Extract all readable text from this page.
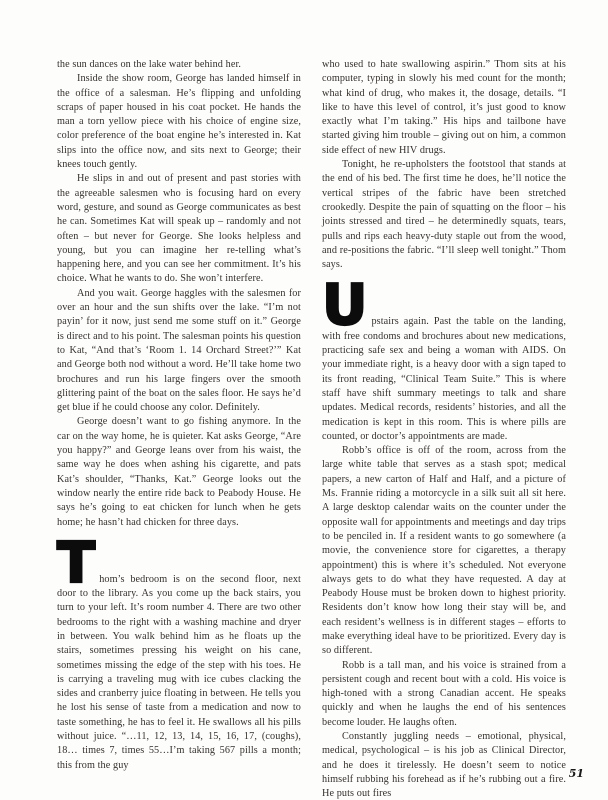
the sun dances on the lake water behind her.

Inside the show room, George has landed himself in the office of a salesman. He’s flipping and unfolding scraps of paper housed in his coat pocket. He hands the man a torn yellow piece with his choice of engine size, color preference of the boat engine he’s interested in. Kat slips into the office now, and sits next to George; their knees touch gently.

He slips in and out of present and past stories with the agreeable salesmen who is focusing hard on every word, gesture, and sound as George communicates as best he can. Sometimes Kat will speak up – randomly and not often – but never for George. She looks helpless and young, but you can imagine her re-telling what’s happening here, and you can see her commitment. It’s his choice. What he wants to do. She won’t interfere.

And you wait. George haggles with the salesmen for over an hour and the sun shifts over the lake. “I’m not payin’ for it now, just send me some stuff on it.” George is direct and to his point. The salesman points his question to Kat, “And that’s ‘Room 1. 14 Orchard Street?’” Kat and George both nod without a word. He’ll take home two brochures and run his large fingers over the smooth glittering paint of the boat on the sales floor. He says he’d get blue if he could choose any color. Definitely.

George doesn’t want to go fishing anymore. In the car on the way home, he is quieter. Kat asks George, “Are you happy?” and George leans over from his waist, the same way he does when ashing his cigarette, and pats Kat’s shoulder, “Thanks, Kat.” George looks out the window nearly the entire ride back to Peabody House. He says he’s going to eat chicken for lunch when he gets home; he hasn’t had chicken for three days.

Thom’s bedroom is on the second floor, next door to the library. As you come up the back stairs, you turn to your left. It’s room number 4. There are two other bedrooms to the right with a washing machine and dryer in between. You walk behind him as he floats up the stairs, sometimes pressing his weight on his cane, sometimes missing the edge of the step with his toes. He is carrying a traveling mug with ice cubes clacking the sides and cranberry juice floating in between. He tells you he lost his sense of taste from a medication and now to taste something, he has to feel it. He swallows all his pills without juice. “…11, 12, 13, 14, 15, 16, 17, (coughs), 18… times 7, times 55…I’m taking 567 pills a month; this from the guy

who used to hate swallowing aspirin.” Thom sits at his computer, typing in slowly his med count for the month; what kind of drug, who makes it, the dosage, details. “I like to have this level of control, it’s just good to know exactly what I’m taking.” His hips and tailbone have started giving him trouble – giving out on him, a common side effect of new HIV drugs.

Tonight, he re-upholsters the footstool that stands at the end of his bed. The first time he does, he’ll notice the vertical stripes of the fabric have been stretched crookedly. Despite the pain of squatting on the floor – his joints stressed and tired – he determinedly squats, tears, pulls and rips each heavy-duty staple out from the wood, and re-positions the fabric. “I’ll sleep well tonight.” Thom says.

Upstairs again. Past the table on the landing, with free condoms and brochures about new medications, practicing safe sex and being a woman with AIDS. On your immediate right, is a heavy door with a sign taped to its front reading, “Clinical Team Suite.” This is where staff have shift summary meetings to talk and share updates. Medical records, residents’ histories, and all the medication is kept in this room. This is where pills are counted, or doctor’s appointments are made.

Robb’s office is off of the room, across from the large white table that serves as a stash spot; medical papers, a new carton of Half and Half, and a picture of Ms. Frannie riding a motorcycle in a silk suit all sit here. A large desktop calendar waits on the counter under the opposite wall for appointments and meetings and day trips to be penciled in. If a resident wants to go somewhere (a movie, the convenience store for cigarettes, a therapy appointment) this is where it’s scheduled. Not everyone always gets to do what they have requested. A day at Peabody House must be broken down to highest priority. Residents don’t know how long their stay will be, and each resident’s wellness is in different stages – efforts to make everything ideal have to be prioritized. Every day is so different.

Robb is a tall man, and his voice is strained from a persistent cough and recent bout with a cold. His voice is high-toned with a strong Canadian accent. He speaks quickly and when he laughs the end of his sentences become louder. He laughs often.

Constantly juggling needs – emotional, physical, medical, psychological – is his job as Clinical Director, and he does it tirelessly. He doesn’t seem to notice himself rubbing his forehead as if he’s rubbing out a fire. He puts out fires

51
